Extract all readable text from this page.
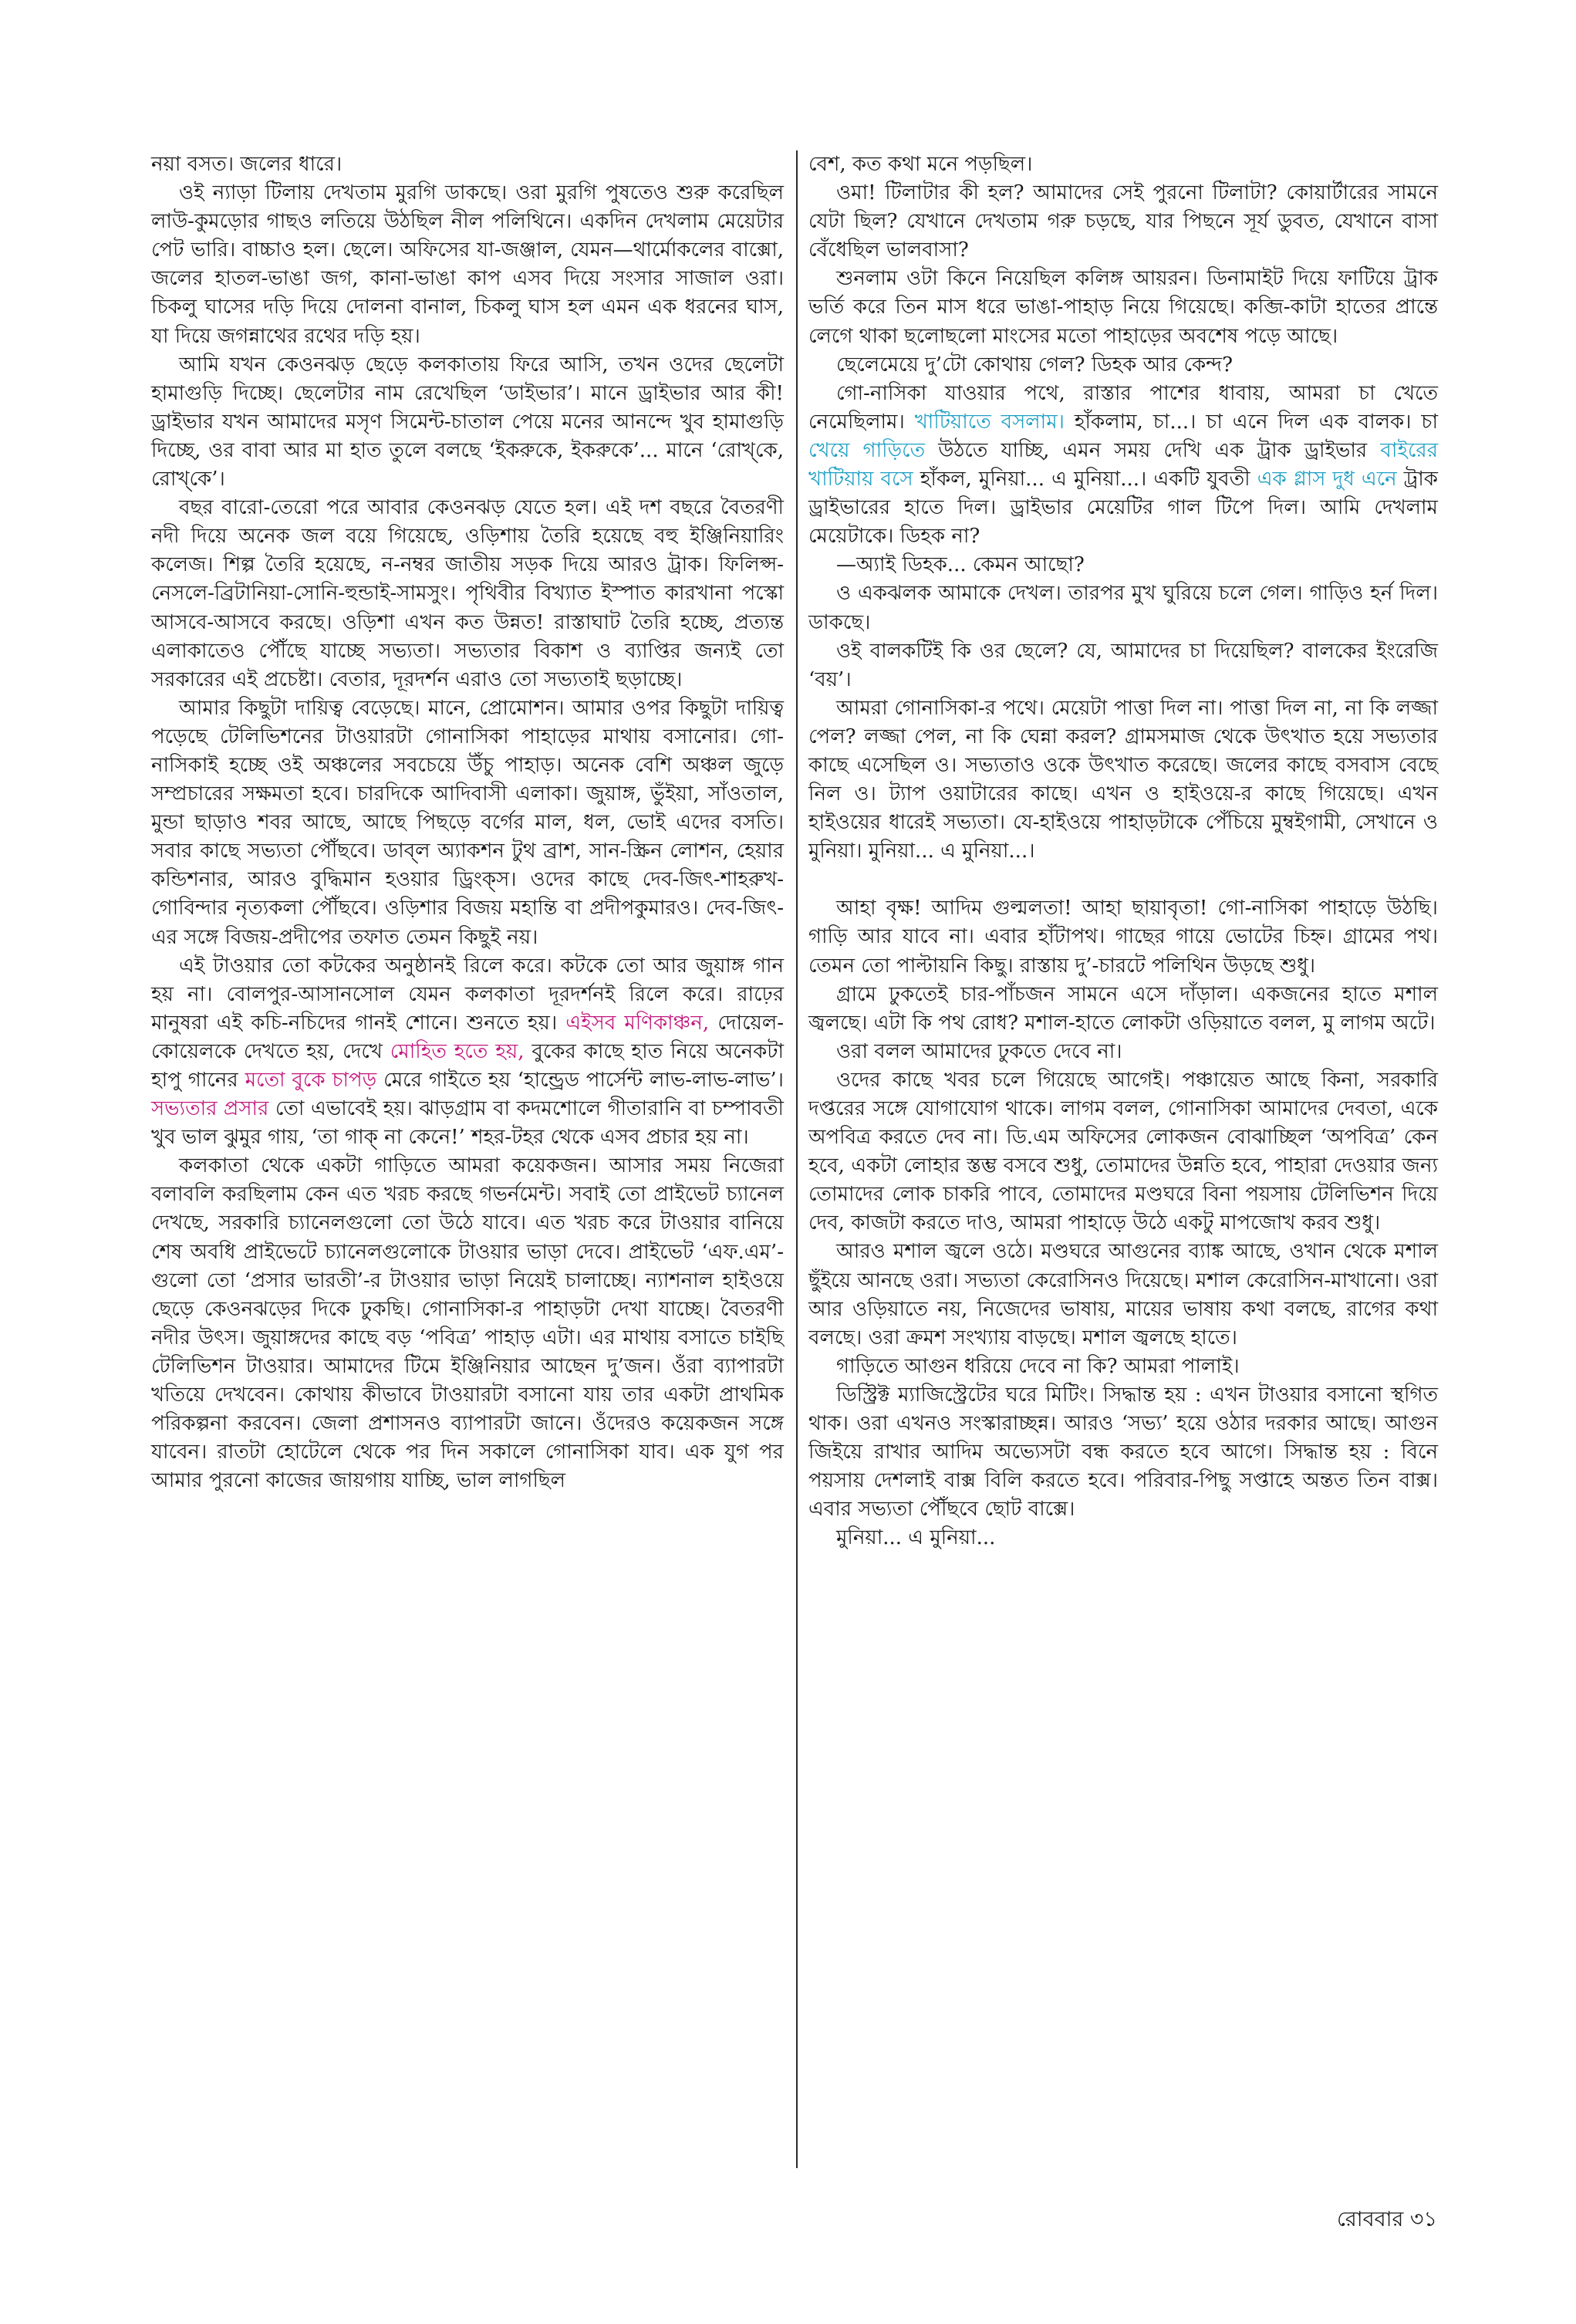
নয়া বসত। জলের ধারে।

ওই ন্যাড়া টিলায় দেখতাম মুরগি ডাকছে। ওরা মুরগি পুষতেও শুরু করেছিল লাউ-কুমড়োর গাছও লতিয়ে উঠছিল নীল পলিথিনে। একদিন দেখলাম মেয়েটার পেট ভারি। বাচ্চাও হল। ছেলে। অফিসের যা-জঞ্জাল, যেমন—থার্মোকলের বাক্সো, জলের হাতল-ভাঙা জগ, কানা-ভাঙা কাপ এসব দিয়ে সংসার সাজাল ওরা। চিকলু ঘাসের দড়ি দিয়ে দোলনা বানাল, চিকলু ঘাস হল এমন এক ধরনের ঘাস, যা দিয়ে জগন্নাথের রথের দড়ি হয়।

আমি যখন কেওনঝড় ছেড়ে কলকাতায় ফিরে আসি, তখন ওদের ছেলেটা হামাগুড়ি দিচ্ছে। ছেলেটার নাম রেখেছিল ‘ডাইভার’। মানে ড্রাইভার আর কী! ড্রাইভার যখন আমাদের মসৃণ সিমেন্ট-চাতাল পেয়ে মনের আনন্দে খুব হামাগুড়ি দিচ্ছে, ওর বাবা আর মা হাত তুলে বলছে ‘ইকরুকে, ইকরুকে’... মানে ‘রোখ্‌কে, রোখ্‌কে’।

বছর বারো-তেরো পরে আবার কেওনঝড় যেতে হল। এই দশ বছরে বৈতরণী নদী দিয়ে অনেক জল বয়ে গিয়েছে, ওড়িশায় তৈরি হয়েছে বহু ইঞ্জিনিয়ারিং কলেজ। শিল্প তৈরি হয়েছে, ন-নম্বর জাতীয় সড়ক দিয়ে আরও ট্রাক। ফিলিপ্স-নেসলে-ব্রিটানিয়া-সোনি-হুন্ডাই-সামসুং। পৃথিবীর বিখ্যাত ইস্পাত কারখানা পস্কো আসবে-আসবে করছে। ওড়িশা এখন কত উন্নত! রাস্তাঘাট তৈরি হচ্ছে, প্রত্যন্ত এলাকাতেও পৌঁছে যাচ্ছে সভ্যতা। সভ্যতার বিকাশ ও ব্যাপ্তির জন্যই তো সরকারের এই প্রচেষ্টা। বেতার, দূরদর্শন এরাও তো সভ্যতাই ছড়াচ্ছে।

আমার কিছুটা দায়িত্ব বেড়েছে। মানে, প্রোমোশন। আমার ওপর কিছুটা দায়িত্ব পড়েছে টেলিভিশনের টাওয়ারটা গোনাসিকা পাহাড়ের মাথায় বসানোর। গো-নাসিকাই হচ্ছে ওই অঞ্চলের সবচেয়ে উঁচু পাহাড়। অনেক বেশি অঞ্চল জুড়ে সম্প্রচারের সক্ষমতা হবে। চারদিকে আদিবাসী এলাকা। জুয়াঙ্গ, ভুঁইয়া, সাঁওতাল, মুন্ডা ছাড়াও শবর আছে, আছে পিছড়ে বর্গের মাল, ধল, ভোই এদের বসতি। সবার কাছে সভ্যতা পৌঁছবে। ডাব্‌ল অ্যাকশন টুথ ব্রাশ, সান-স্ক্রিন লোশন, হেয়ার কন্ডিশনার, আরও বুদ্ধিমান হওয়ার ড্রিংক্‌স। ওদের কাছে দেব-জিৎ-শাহরুখ-গোবিন্দার নৃত্যকলা পৌঁছবে। ওড়িশার বিজয় মহান্তি বা প্রদীপকুমারও। দেব-জিৎ-এর সঙ্গে বিজয়-প্রদীপের তফাত তেমন কিছুই নয়।

এই টাওয়ার তো কটকের অনুষ্ঠানই রিলে করে। কটকে তো আর জুয়াঙ্গ গান হয় না। বোলপুর-আসানসোল যেমন কলকাতা দূরদর্শনই রিলে করে। রাঢ়ের মানুষরা এই কচি-নচিদের গানই শোনে। শুনতে হয়। এইসব মণিকাঞ্চন, দোয়েল-কোয়েলকে দেখতে হয়, দেখে মোহিত হতে হয়, বুকের কাছে হাত নিয়ে অনেকটা হাপু গানের মতো বুকে চাপড় মেরে গাইতে হয় ‘হান্ড্রেড পার্সেন্ট লাভ-লাভ-লাভ’। সভ্যতার প্রসার তো এভাবেই হয়। ঝাড়গ্রাম বা কদমশোলে গীতারানি বা চম্পাবতী খুব ভাল ঝুমুর গায়, ‘তা গাক্‌ না কেনে!’ শহর-টহর থেকে এসব প্রচার হয় না।

কলকাতা থেকে একটা গাড়িতে আমরা কয়েকজন। আসার সময় নিজেরা বলাবলি করছিলাম কেন এত খরচ করছে গভর্নমেন্ট। সবাই তো প্রাইভেট চ্যানেল দেখছে, সরকারি চ্যানেলগুলো তো উঠে যাবে। এত খরচ করে টাওয়ার বানিয়ে শেষ অবধি প্রাইভেটে চ্যানেলগুলোকে টাওয়ার ভাড়া দেবে। প্রাইভেট ‘এফ.এম’-গুলো তো ‘প্রসার ভারতী’-র টাওয়ার ভাড়া নিয়েই চালাচ্ছে। ন্যাশনাল হাইওয়ে ছেড়ে কেওনঝড়ের দিকে ঢুকছি। গোনাসিকা-র পাহাড়টা দেখা যাচ্ছে। বৈতরণী নদীর উৎস। জুয়াঙ্গদের কাছে বড় ‘পবিত্র’ পাহাড় এটা। এর মাথায় বসাতে চাইছি টেলিভিশন টাওয়ার। আমাদের টিমে ইঞ্জিনিয়ার আছেন দু’জন। ওঁরা ব্যাপারটা খতিয়ে দেখবেন। কোথায় কীভাবে টাওয়ারটা বসানো যায় তার একটা প্রাথমিক পরিকল্পনা করবেন। জেলা প্রশাসনও ব্যাপারটা জানে। ওঁদেরও কয়েকজন সঙ্গে যাবেন। রাতটা হোটেলে থেকে পর দিন সকালে গোনাসিকা যাব। এক যুগ পর আমার পুরনো কাজের জায়গায় যাচ্ছি, ভাল লাগছিল

বেশ, কত কথা মনে পড়ছিল।

ওমা! টিলাটার কী হল? আমাদের সেই পুরনো টিলাটা? কোয়ার্টারের সামনে যেটা ছিল? যেখানে দেখতাম গরু চড়ছে, যার পিছনে সূর্য ডুবত, যেখানে বাসা বেঁধেছিল ভালবাসা?

শুনলাম ওটা কিনে নিয়েছিল কলিঙ্গ আয়রন। ডিনামাইট দিয়ে ফাটিয়ে ট্রাক ভর্তি করে তিন মাস ধরে ভাঙা-পাহাড় নিয়ে গিয়েছে। কব্জি-কাটা হাতের প্রান্তে লেগে থাকা ছলোছলো মাংসের মতো পাহাড়ের অবশেষ পড়ে আছে।

ছেলেমেয়ে দু’টো কোথায় গেল? ডিহক আর কেন্দ?

গো-নাসিকা যাওয়ার পথে, রাস্তার পাশের ধাবায়, আমরা চা খেতে নেমেছিলাম। খাটিয়াতে বসলাম। হাঁকলাম, চা...। চা এনে দিল এক বালক। চা খেয়ে গাড়িতে উঠতে যাচ্ছি, এমন সময় দেখি এক ট্রাক ড্রাইভার বাইরের খাটিয়ায় বসে হাঁকল, মুনিয়া... এ মুনিয়া...। একটি যুবতী এক গ্লাস দুধ এনে ট্রাক ড্রাইভারের হাতে দিল। ড্রাইভার মেয়েটির গাল টিপে দিল। আমি দেখলাম মেয়েটাকে। ডিহক না?

—অ্যাই ডিহক... কেমন আছো?

ও একঝলক আমাকে দেখল। তারপর মুখ ঘুরিয়ে চলে গেল। গাড়িও হর্ন দিল। ডাকছে।

ওই বালকটিই কি ওর ছেলে? যে, আমাদের চা দিয়েছিল? বালকের ইংরেজি ‘বয়’।

আমরা গোনাসিকা-র পথে। মেয়েটা পাত্তা দিল না। পাত্তা দিল না, না কি লজ্জা পেল? লজ্জা পেল, না কি ঘেন্না করল? গ্রামসমাজ থেকে উৎখাত হয়ে সভ্যতার কাছে এসেছিল ও। সভ্যতাও ওকে উৎখাত করেছে। জলের কাছে বসবাস বেছে নিল ও। ট্যাপ ওয়াটারের কাছে। এখন ও হাইওয়ে-র কাছে গিয়েছে। এখন হাইওয়ের ধারেই সভ্যতা। যে-হাইওয়ে পাহাড়টাকে পেঁচিয়ে মুম্বইগামী, সেখানে ও মুনিয়া। মুনিয়া... এ মুনিয়া...।

আহা বৃক্ষ! আদিম গুল্মলতা! আহা ছায়াবৃতা! গো-নাসিকা পাহাড়ে উঠছি। গাড়ি আর যাবে না। এবার হাঁটাপথ। গাছের গায়ে ভোটের চিহ্ন। গ্রামের পথ। তেমন তো পাল্টায়নি কিছু। রাস্তায় দু’-চারটে পলিথিন উড়ছে শুধু।

গ্রামে ঢুকতেই চার-পাঁচজন সামনে এসে দাঁড়াল। একজনের হাতে মশাল জ্বলছে। এটা কি পথ রোধ? মশাল-হাতে লোকটা ওড়িয়াতে বলল, মু লাগম অটে।

ওরা বলল আমাদের ঢুকতে দেবে না।

ওদের কাছে খবর চলে গিয়েছে আগেই। পঞ্চায়েত আছে কিনা, সরকারি দপ্তরের সঙ্গে যোগাযোগ থাকে। লাগম বলল, গোনাসিকা আমাদের দেবতা, একে অপবিত্র করতে দেব না। ডি.এম অফিসের লোকজন বোঝাচ্ছিল ‘অপবিত্র’ কেন হবে, একটা লোহার স্তম্ভ বসবে শুধু, তোমাদের উন্নতি হবে, পাহারা দেওয়ার জন্য তোমাদের লোক চাকরি পাবে, তোমাদের মণ্ডঘরে বিনা পয়সায় টেলিভিশন দিয়ে দেব, কাজটা করতে দাও, আমরা পাহাড়ে উঠে একটু মাপজোখ করব শুধু।

আরও মশাল জ্বলে ওঠে। মণ্ডঘরে আগুনের ব্যাঙ্ক আছে, ওখান থেকে মশাল ছুঁইয়ে আনছে ওরা। সভ্যতা কেরোসিনও দিয়েছে। মশাল কেরোসিন-মাখানো। ওরা আর ওড়িয়াতে নয়, নিজেদের ভাষায়, মায়ের ভাষায় কথা বলছে, রাগের কথা বলছে। ওরা ক্রমশ সংখ্যায় বাড়ছে। মশাল জ্বলছে হাতে।

গাড়িতে আগুন ধরিয়ে দেবে না কি? আমরা পালাই।

ডিস্ট্রিক্ট ম্যাজিস্ট্রেটের ঘরে মিটিং। সিদ্ধান্ত হয় : এখন টাওয়ার বসানো স্থগিত থাক। ওরা এখনও সংস্কারাচ্ছন্ন। আরও ‘সভ্য’ হয়ে ওঠার দরকার আছে। আগুন জিইয়ে রাখার আদিম অভ্যেসটা বন্ধ করতে হবে আগে। সিদ্ধান্ত হয় : বিনে পয়সায় দেশলাই বাক্স বিলি করতে হবে। পরিবার-পিছু সপ্তাহে অন্তত তিন বাক্স। এবার সভ্যতা পৌঁছবে ছোট বাক্সে।

মুনিয়া... এ মুনিয়া...

রোববার ৩১
